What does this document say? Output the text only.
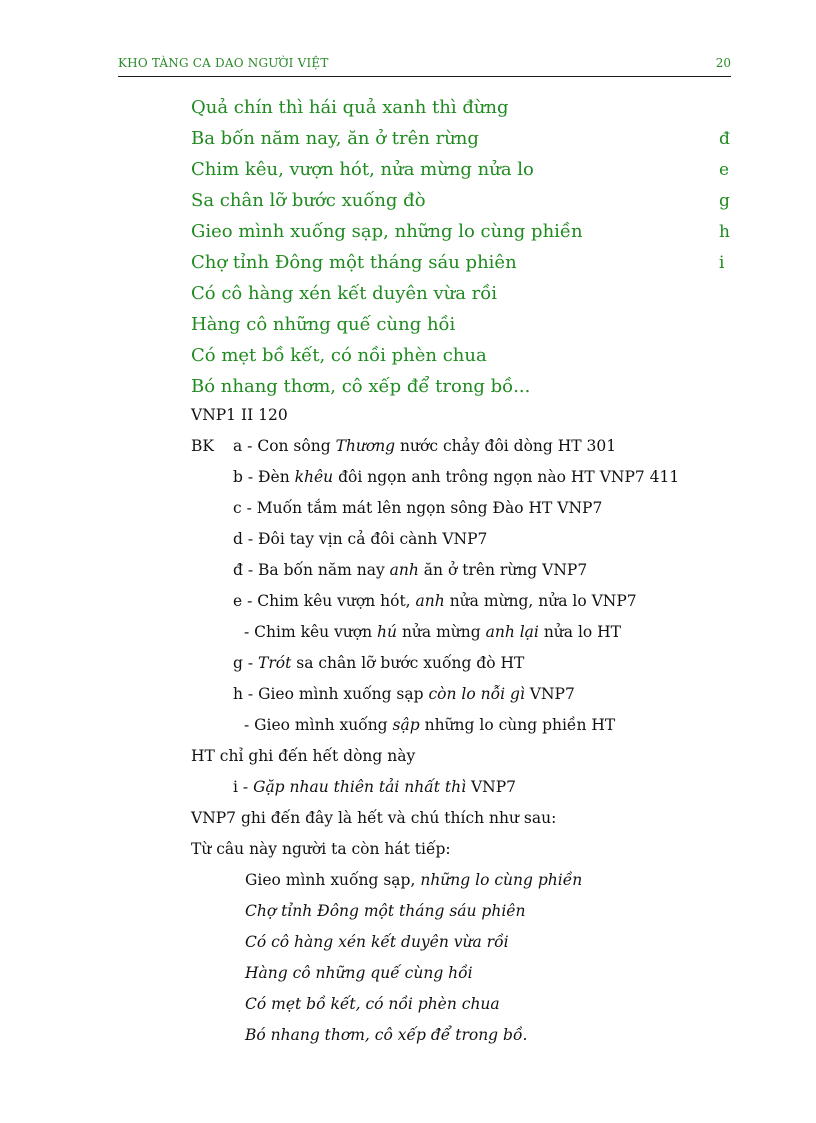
KHO TÀNG CA DAO NGƯỜI VIỆT	20
Quả chín thì hái quả xanh thì đừng
Ba bốn năm nay, ăn ở trên rừng	đ
Chim kêu, vượn hót, nửa mừng nửa lo	e
Sa chân lỡ bước xuống đò	g
Gieo mình xuống sạp, những lo cùng phiền	h
Chợ tỉnh Đông một tháng sáu phiên	i
Có cô hàng xén kết duyên vừa rồi
Hàng cô những quế cùng hồi
Có mẹt bồ kết, có nồi phèn chua
Bó nhang thơm, cô xếp để trong bồ...
VNP1 II 120
BK a - Con sông Thương nước chảy đôi dòng HT 301
b - Đèn khêu đôi ngọn anh trông ngọn nào HT VNP7 411
c - Muốn tắm mát lên ngọn sông Đào HT VNP7
d - Đôi tay vịn cả đôi cành VNP7
đ - Ba bốn năm nay anh ăn ở trên rừng VNP7
e - Chim kêu vượn hót, anh nửa mừng, nửa lo VNP7
- Chim kêu vượn hú nửa mừng anh lại nửa lo HT
g - Trót sa chân lỡ bước xuống đò HT
h - Gieo mình xuống sạp còn lo nỗi gì VNP7
- Gieo mình xuống sập những lo cùng phiền HT
HT chỉ ghi đến hết dòng này
i - Gặp nhau thiên tải nhất thì VNP7
VNP7 ghi đến đây là hết và chú thích như sau:
Từ câu này người ta còn hát tiếp:
Gieo mình xuống sạp, những lo cùng phiền
Chợ tỉnh Đông một tháng sáu phiên
Có cô hàng xén kết duyên vừa rồi
Hàng cô những quế cùng hồi
Có mẹt bồ kết, có nồi phèn chua
Bó nhang thơm, cô xếp để trong bồ.
